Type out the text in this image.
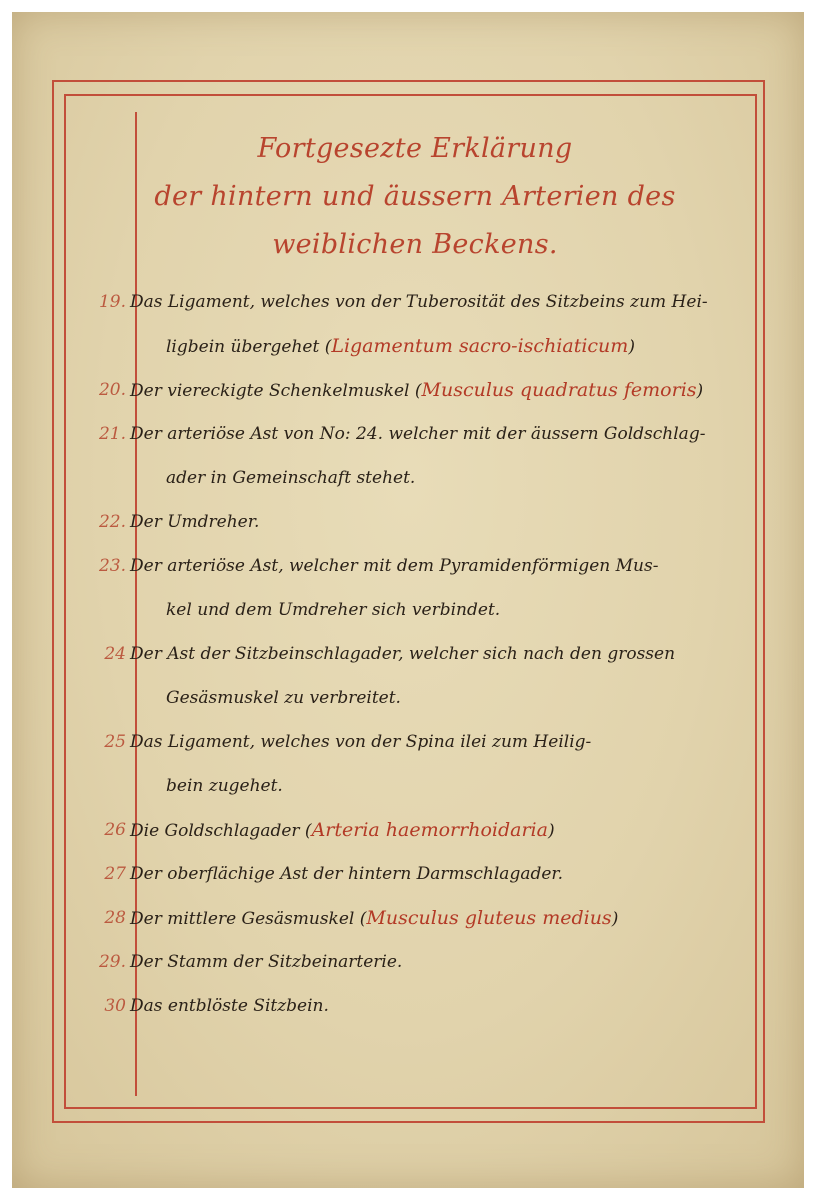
Fortgesezte Erklärung
der hintern und äussern Arterien des
weiblichen Beckens.
19. Das Ligament, welches von der Tuberosität des Sitzbeins zum Hei-
ligbein übergehet (Ligamentum sacro-ischiaticum)
20. Der viereckigte Schenkelmuskel (Musculus quadratus femoris)
21. Der arteriöse Ast von No: 24. welcher mit der äussern Goldschlag-
ader in Gemeinschaft stehet.
22. Der Umdreher.
23. Der arteriöse Ast, welcher mit dem Pyramidenförmigen Mus-
kel und dem Umdreher sich verbindet.
24 Der Ast der Sitzbeinschlagader, welcher sich nach den grossen
Gesäsmuskel zu verbreitet.
25 Das Ligament, welches von der Spina ilei zum Heilig-
bein zugehet.
26 Die Goldschlagader (Arteria haemorrhoidaria)
27 Der oberflächige Ast der hintern Darmschlagader.
28 Der mittlere Gesäsmuskel (Musculus gluteus medius)
29. Der Stamm der Sitzbeinarterie.
30 Das entblöste Sitzbein.
